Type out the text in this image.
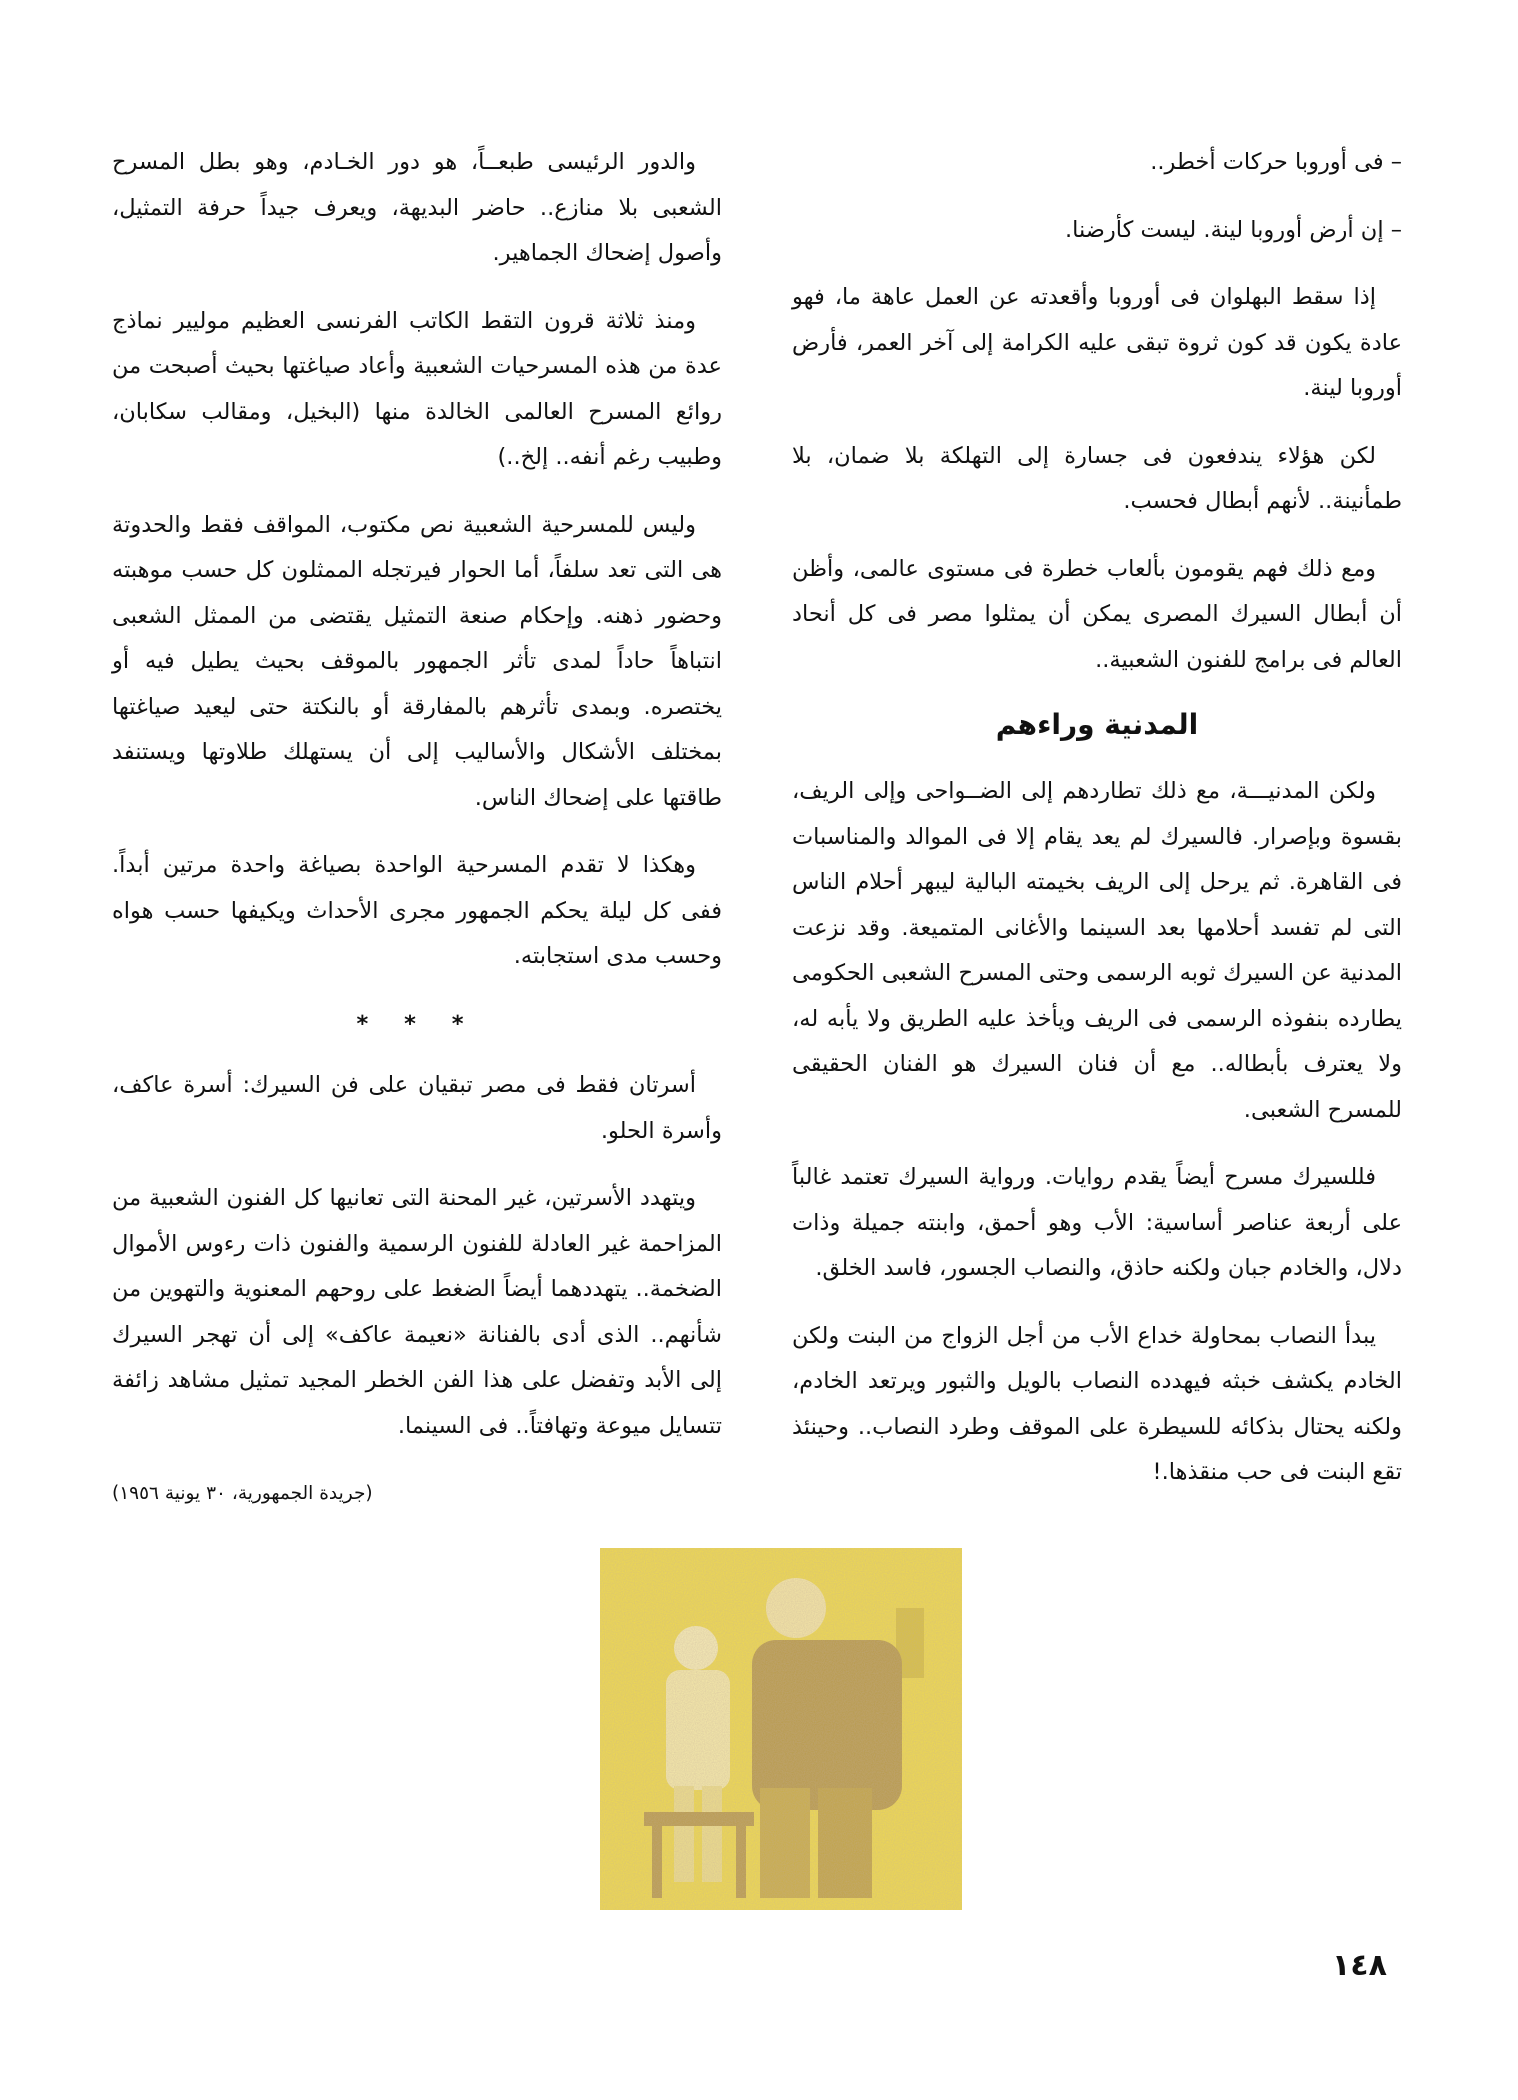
– فى أوروبا حركات أخطر..

– إن أرض أوروبا لينة. ليست كأرضنا.

إذا سقط البهلوان فى أوروبا وأقعدته عن العمل عاهة ما، فهو عادة يكون قد كون ثروة تبقى عليه الكرامة إلى آخر العمر، فأرض أوروبا لينة.

لكن هؤلاء يندفعون فى جسارة إلى التهلكة بلا ضمان، بلا طمأنينة.. لأنهم أبطال فحسب.

ومع ذلك فهم يقومون بألعاب خطرة فى مستوى عالمى، وأظن أن أبطال السيرك المصرى يمكن أن يمثلوا مصر فى كل أنحاد العالم فى برامج للفنون الشعبية..

المدنية وراءهم

ولكن المدنيـــة، مع ذلك تطاردهم إلى الضــواحى وإلى الريف، بقسوة وبإصرار. فالسيرك لم يعد يقام إلا فى الموالد والمناسبات فى القاهرة. ثم يرحل إلى الريف بخيمته البالية ليبهر أحلام الناس التى لم تفسد أحلامها بعد السينما والأغانى المتميعة. وقد نزعت المدنية عن السيرك ثوبه الرسمى وحتى المسرح الشعبى الحكومى يطارده بنفوذه الرسمى فى الريف ويأخذ عليه الطريق ولا يأبه له، ولا يعترف بأبطاله.. مع أن فنان السيرك هو الفنان الحقيقى للمسرح الشعبى.

فللسيرك مسرح أيضاً يقدم روايات. ورواية السيرك تعتمد غالباً على أربعة عناصر أساسية: الأب وهو أحمق، وابنته جميلة وذات دلال، والخادم جبان ولكنه حاذق، والنصاب الجسور، فاسد الخلق.

يبدأ النصاب بمحاولة خداع الأب من أجل الزواج من البنت ولكن الخادم يكشف خبثه فيهدده النصاب بالويل والثبور ويرتعد الخادم، ولكنه يحتال بذكائه للسيطرة على الموقف وطرد النصاب.. وحينئذ تقع البنت فى حب منقذها.!

والدور الرئيسى طبعــاً، هو دور الخـادم، وهو بطل المسرح الشعبى بلا منازع.. حاضر البديهة، ويعرف جيداً حرفة التمثيل، وأصول إضحاك الجماهير.

ومنذ ثلاثة قرون التقط الكاتب الفرنسى العظيم موليير نماذج عدة من هذه المسرحيات الشعبية وأعاد صياغتها بحيث أصبحت من روائع المسرح العالمى الخالدة منها (البخيل، ومقالب سكابان، وطبيب رغم أنفه.. إلخ..)

وليس للمسرحية الشعبية نص مكتوب، المواقف فقط والحدوتة هى التى تعد سلفاً، أما الحوار فيرتجله الممثلون كل حسب موهبته وحضور ذهنه. وإحكام صنعة التمثيل يقتضى من الممثل الشعبى انتباهاً حاداً لمدى تأثر الجمهور بالموقف بحيث يطيل فيه أو يختصره. وبمدى تأثرهم بالمفارقة أو بالنكتة حتى ليعيد صياغتها بمختلف الأشكال والأساليب إلى أن يستهلك طلاوتها ويستنفد طاقتها على إضحاك الناس.

وهكذا لا تقدم المسرحية الواحدة بصياغة واحدة مرتين أبداً. ففى كل ليلة يحكم الجمهور مجرى الأحداث ويكيفها حسب هواه وحسب مدى استجابته.

* * *

أسرتان فقط فى مصر تبقيان على فن السيرك: أسرة عاكف، وأسرة الحلو.

ويتهدد الأسرتين، غير المحنة التى تعانيها كل الفنون الشعبية من المزاحمة غير العادلة للفنون الرسمية والفنون ذات رءوس الأموال الضخمة.. يتهددهما أيضاً الضغط على روحهم المعنوية والتهوين من شأنهم.. الذى أدى بالفنانة «نعيمة عاكف» إلى أن تهجر السيرك إلى الأبد وتفضل على هذا الفن الخطر المجيد تمثيل مشاهد زائفة تتسايل ميوعة وتهافتاً.. فى السينما.

(جريدة الجمهورية، ٣٠ يونية ١٩٥٦)
١٤٨
